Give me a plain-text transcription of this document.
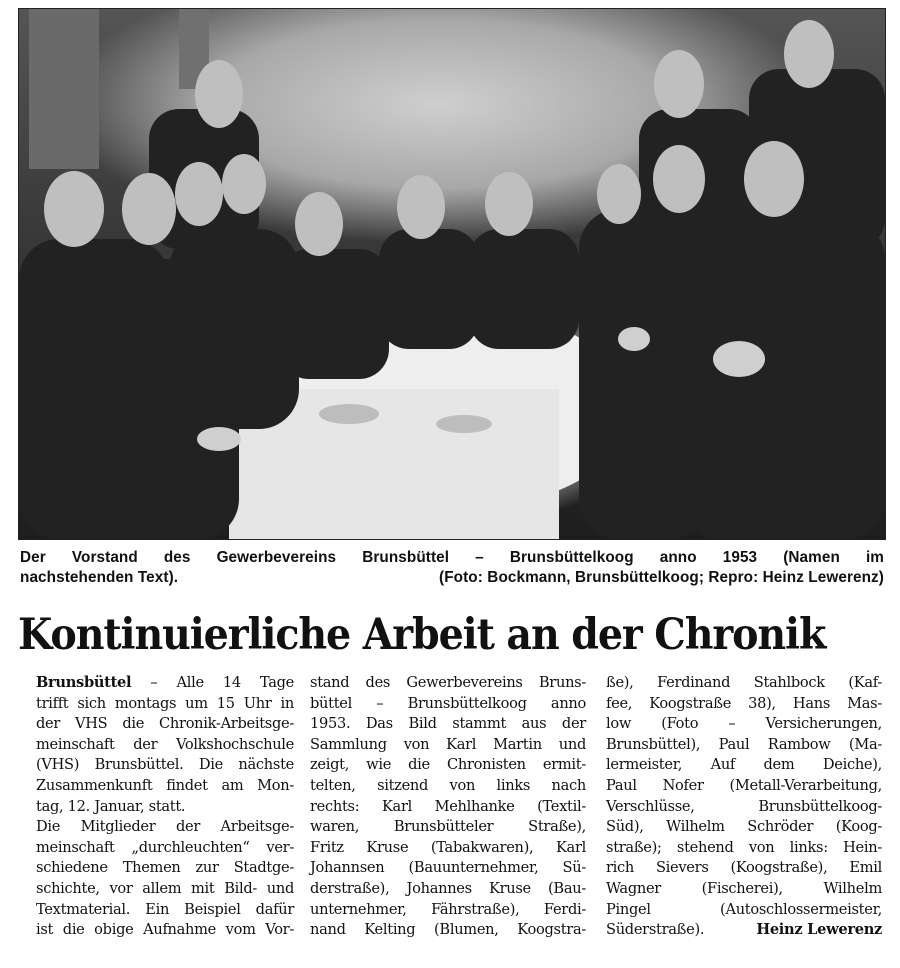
Der Vorstand des Gewerbevereins Brunsbüttel – Brunsbüttelkoog anno 1953 (Namen im
nachstehenden Text).	(Foto: Bockmann, Brunsbüttelkoog; Repro: Heinz Lewerenz)
Kontinuierliche Arbeit an der Chronik
Brunsbüttel – Alle 14 Tage
trifft sich montags um 15 Uhr in
der VHS die Chronik-Arbeitsge-
meinschaft der Volkshochschule
(VHS) Brunsbüttel. Die nächste
Zusammenkunft findet am Mon-
tag, 12. Januar, statt.
Die Mitglieder der Arbeitsge-
meinschaft „durchleuchten“ ver-
schiedene Themen zur Stadtge-
schichte, vor allem mit Bild- und
Textmaterial. Ein Beispiel dafür
ist die obige Aufnahme vom Vor-
stand des Gewerbevereins Bruns-
büttel – Brunsbüttelkoog anno
1953. Das Bild stammt aus der
Sammlung von Karl Martin und
zeigt, wie die Chronisten ermit-
telten, sitzend von links nach
rechts: Karl Mehlhanke (Textil-
waren, Brunsbütteler Straße),
Fritz Kruse (Tabakwaren), Karl
Johannsen (Bauunternehmer, Sü-
derstraße), Johannes Kruse (Bau-
unternehmer, Fährstraße), Ferdi-
nand Kelting (Blumen, Koogstra-
ße), Ferdinand Stahlbock (Kaf-
fee, Koogstraße 38), Hans Mas-
low (Foto – Versicherungen,
Brunsbüttel), Paul Rambow (Ma-
lermeister, Auf dem Deiche),
Paul Nofer (Metall-Verarbeitung,
Verschlüsse, Brunsbüttelkoog-
Süd), Wilhelm Schröder (Koog-
straße); stehend von links: Hein-
rich Sievers (Koogstraße), Emil
Wagner (Fischerei), Wilhelm
Pingel (Autoschlossermeister,
Süderstraße).	Heinz Lewerenz
